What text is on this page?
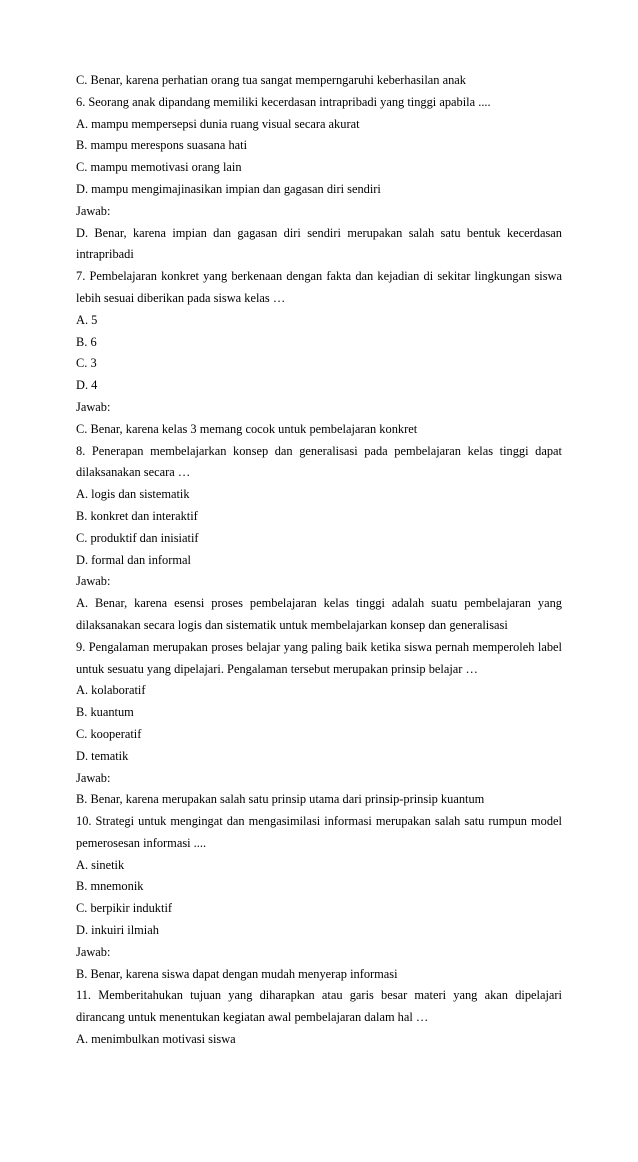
C. Benar, karena perhatian orang tua sangat memperngaruhi keberhasilan anak
6. Seorang anak dipandang memiliki kecerdasan intrapribadi yang tinggi apabila ....
A. mampu mempersepsi dunia ruang visual secara akurat
B. mampu merespons suasana hati
C. mampu memotivasi orang lain
D. mampu mengimajinasikan impian dan gagasan diri sendiri
Jawab:
D. Benar, karena impian dan gagasan diri sendiri merupakan salah satu bentuk kecerdasan
intrapribadi
7. Pembelajaran konkret yang berkenaan dengan fakta dan kejadian di sekitar lingkungan siswa
lebih sesuai diberikan pada siswa kelas …
A. 5
B. 6
C. 3
D. 4
Jawab:
C. Benar, karena kelas 3 memang cocok untuk pembelajaran konkret
8. Penerapan membelajarkan konsep dan generalisasi pada pembelajaran kelas tinggi dapat
dilaksanakan secara …
A. logis dan sistematik
B. konkret dan interaktif
C. produktif dan inisiatif
D. formal dan informal
Jawab:
A. Benar, karena esensi proses pembelajaran kelas tinggi adalah suatu pembelajaran yang
dilaksanakan secara logis dan sistematik untuk membelajarkan konsep dan generalisasi
9. Pengalaman merupakan proses belajar yang paling baik ketika siswa pernah memperoleh label
untuk sesuatu yang dipelajari. Pengalaman tersebut merupakan prinsip belajar …
A. kolaboratif
B. kuantum
C. kooperatif
D. tematik
Jawab:
B. Benar, karena merupakan salah satu prinsip utama dari prinsip-prinsip kuantum
10. Strategi untuk mengingat dan mengasimilasi informasi merupakan salah satu rumpun model
pemerosesan informasi ....
A. sinetik
B. mnemonik
C. berpikir induktif
D. inkuiri ilmiah
Jawab:
B. Benar, karena siswa dapat dengan mudah menyerap informasi
11. Memberitahukan tujuan yang diharapkan atau garis besar materi yang akan dipelajari
dirancang untuk menentukan kegiatan awal pembelajaran dalam hal …
A. menimbulkan motivasi siswa
